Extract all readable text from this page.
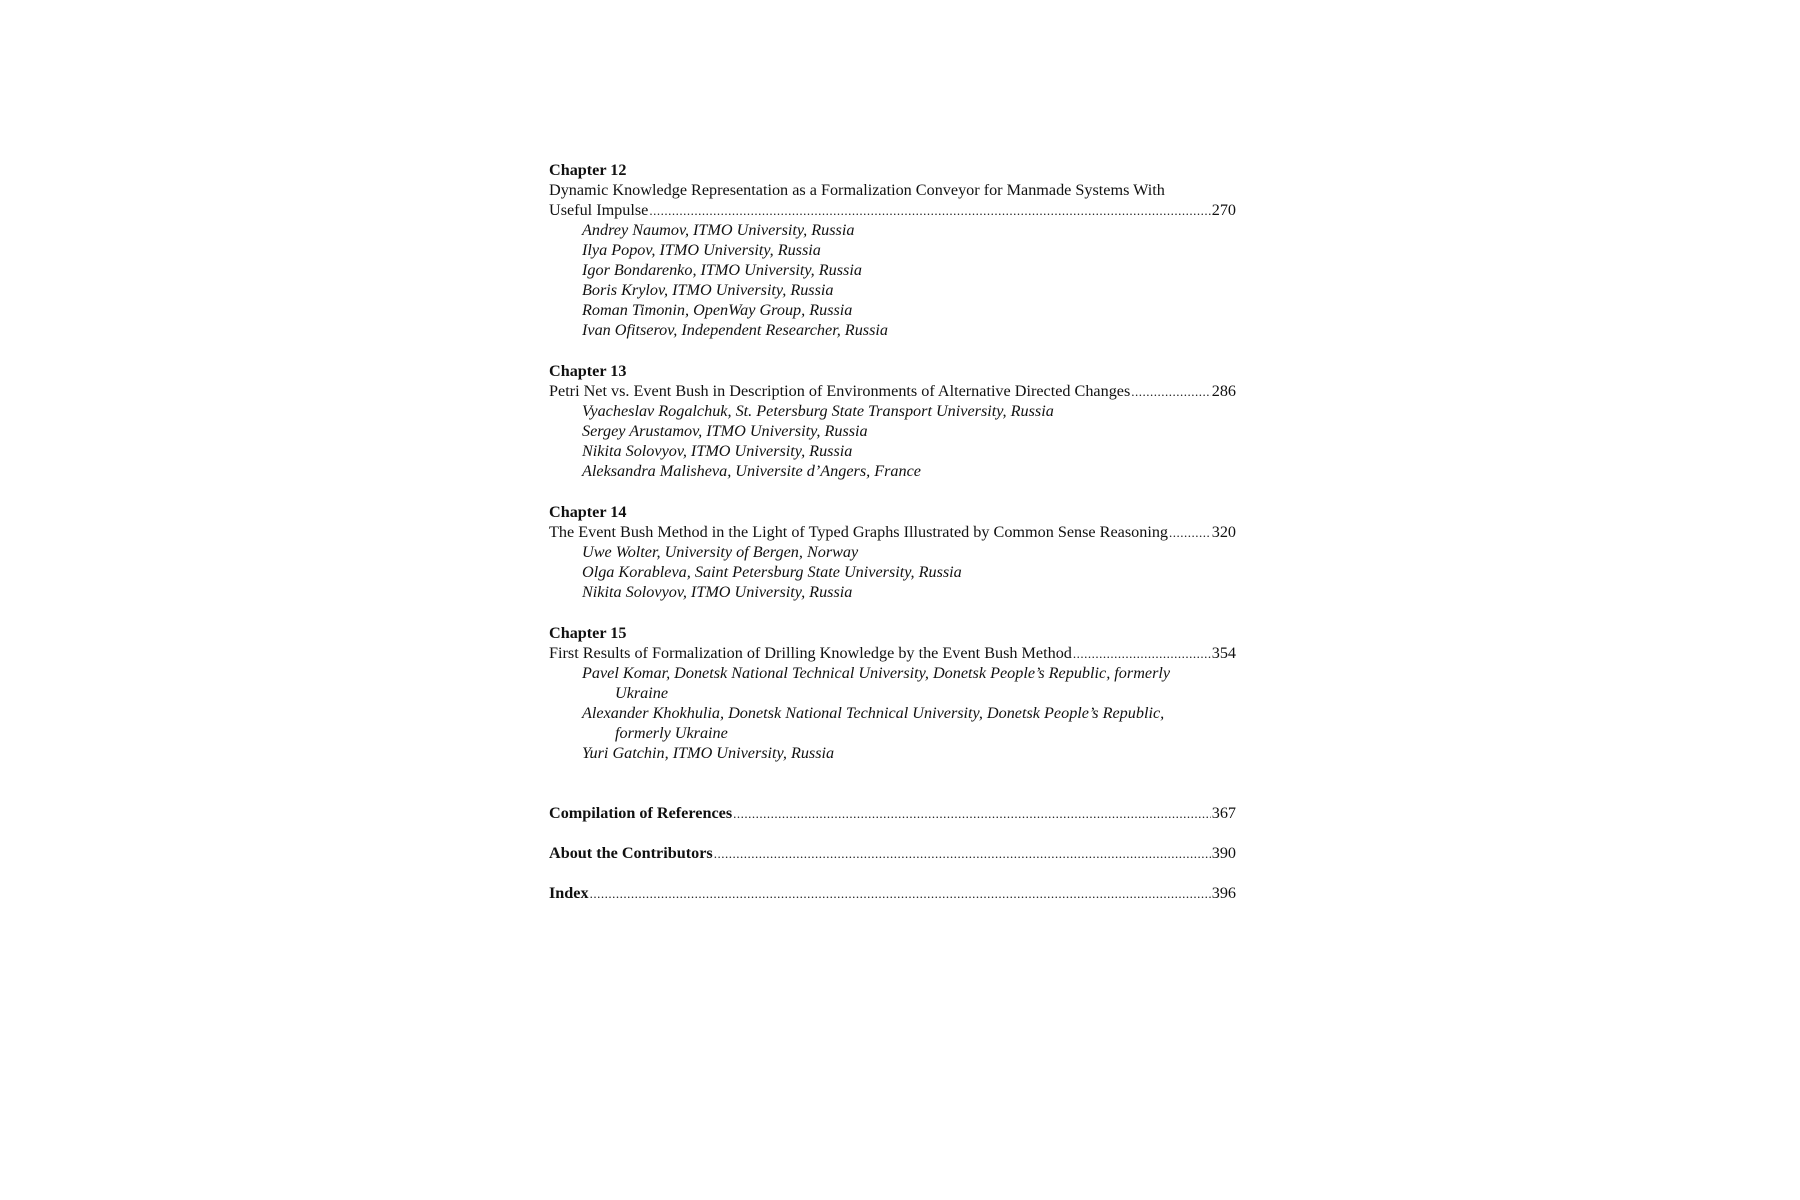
Chapter 12
Dynamic Knowledge Representation as a Formalization Conveyor for Manmade Systems With
Useful Impulse .....	270
Andrey Naumov, ITMO University, Russia
Ilya Popov, ITMO University, Russia
Igor Bondarenko, ITMO University, Russia
Boris Krylov, ITMO University, Russia
Roman Timonin, OpenWay Group, Russia
Ivan Ofitserov, Independent Researcher, Russia
Chapter 13
Petri Net vs. Event Bush in Description of Environments of Alternative Directed Changes .....	286
Vyacheslav Rogalchuk, St. Petersburg State Transport University, Russia
Sergey Arustamov, ITMO University, Russia
Nikita Solovyov, ITMO University, Russia
Aleksandra Malisheva, Universite d’Angers, France
Chapter 14
The Event Bush Method in the Light of Typed Graphs Illustrated by Common Sense Reasoning .....	320
Uwe Wolter, University of Bergen, Norway
Olga Korableva, Saint Petersburg State University, Russia
Nikita Solovyov, ITMO University, Russia
Chapter 15
First Results of Formalization of Drilling Knowledge by the Event Bush Method .....	354
Pavel Komar, Donetsk National Technical University, Donetsk People’s Republic, formerly Ukraine
Alexander Khokhulia, Donetsk National Technical University, Donetsk People’s Republic, formerly Ukraine
Yuri Gatchin, ITMO University, Russia
Compilation of References .....	367
About the Contributors .....	390
Index .....	396
